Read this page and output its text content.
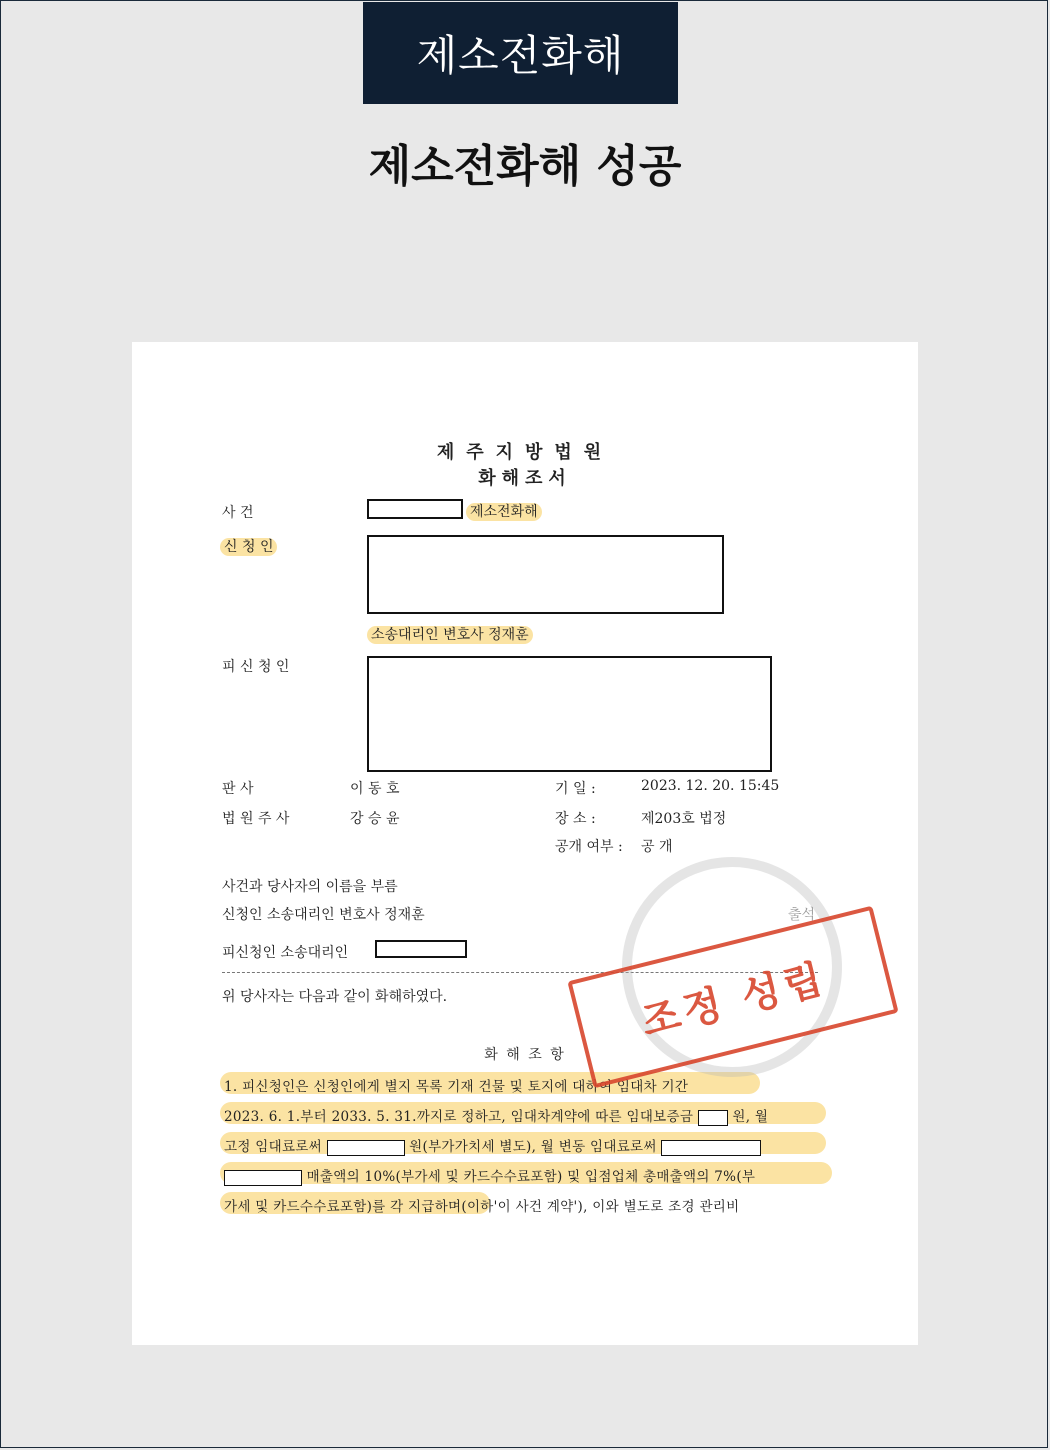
제소전화해
제소전화해 성공
제주지방법원
화해조서
사 건	제소전화해
신 청 인
소송대리인 변호사 정재훈
피 신 청 인
판 사	이 동 호
법 원 주 사	강 승 윤
기 일 :	2023. 12. 20. 15:45
장 소 :	제203호 법정
공개 여부 : 공 개
사건과 당사자의 이름을 부름
신청인 소송대리인 변호사 정재훈	출석
피신청인 소송대리인
위 당사자는 다음과 같이 화해하였다.
화 해 조 항
1. 피신청인은 신청인에게 별지 목록 기재 건물 및 토지에 대하여 임대차 기간
2023. 6. 1.부터 2033. 5. 31.까지로 정하고, 임대차계약에 따른 임대보증금	원, 월
고정 임대료로써	원(부가가치세 별도), 월 변동 임대료로써
매출액의 10%(부가세 및 카드수수료포함) 및 입점업체 총매출액의 7%(부
가세 및 카드수수료포함)를 각 지급하며(이하'이 사건 계약'), 이와 별도로 조경 관리비
조정 성립
